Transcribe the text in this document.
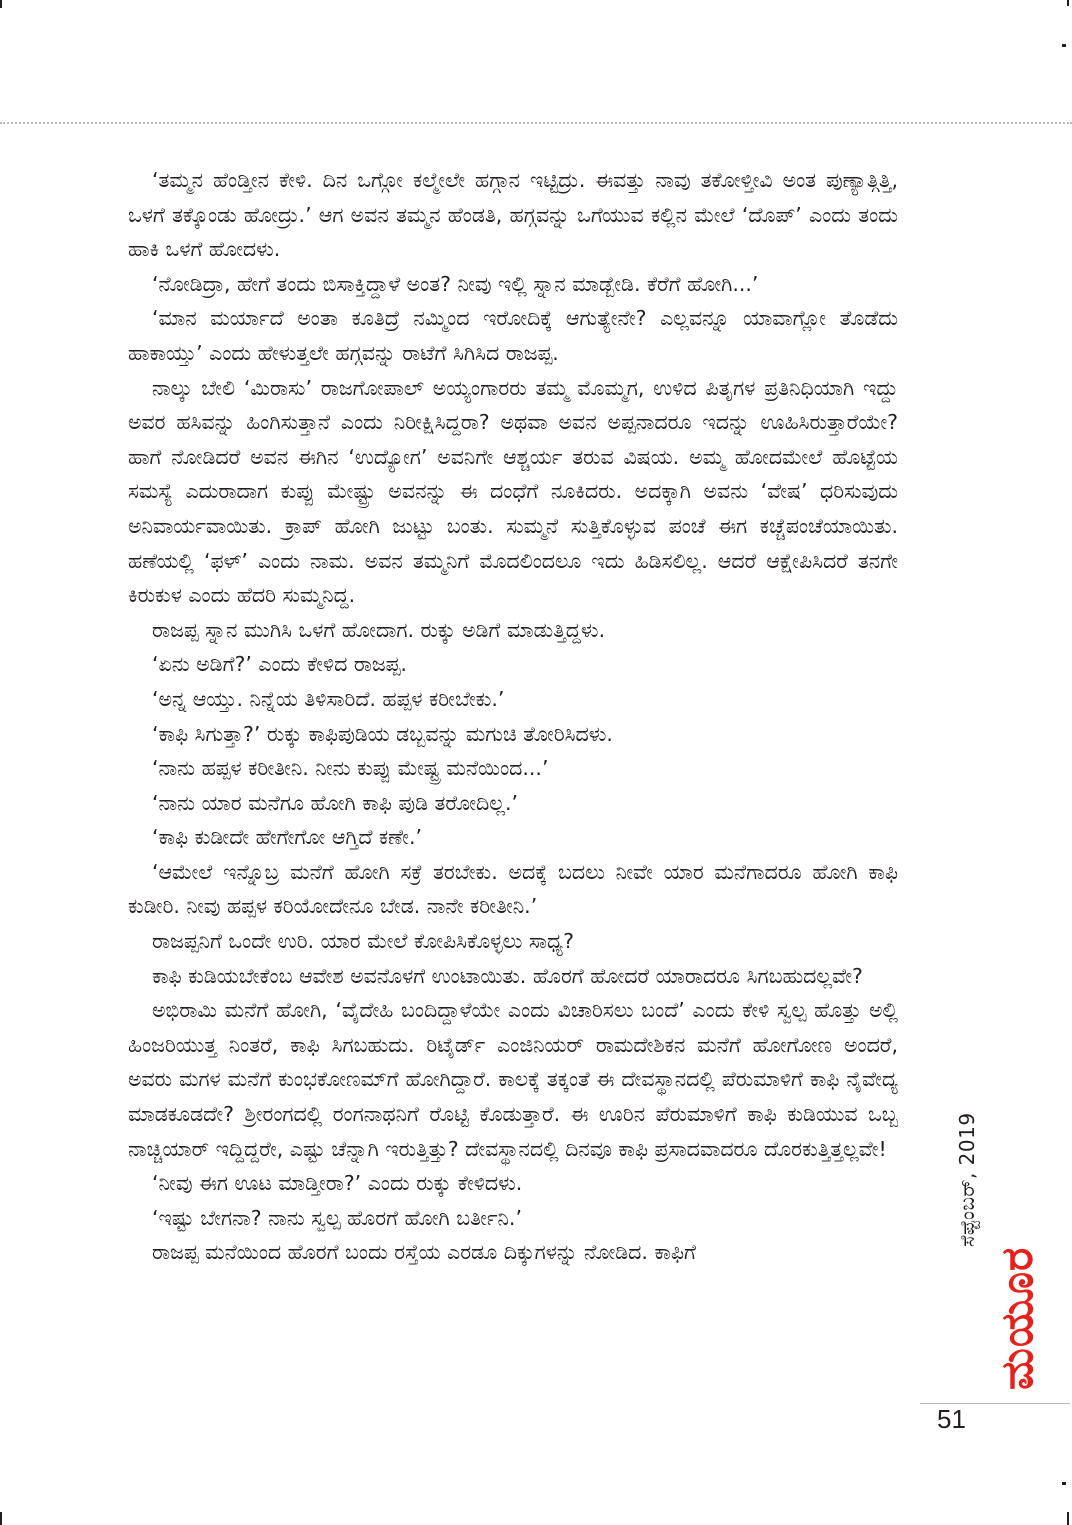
‘ತಮ್ಮನ ಹೆಂಡ್ತೀನ ಕೇಳಿ. ದಿನ ಒಗ್ಗೋ ಕಲ್ಮೇಲೇ ಹಗ್ಗಾನ ಇಟ್ಟಿದ್ರು. ಈವತ್ತು ನಾವು ತಕೋಳ್ತೀವಿ ಅಂತ ಪುಣ್ಯಾತ್ಗಿತ್ತಿ, ಒಳಗೆ ತಕ್ಕೊಂಡು ಹೋದ್ರು.’ ಆಗ ಅವನ ತಮ್ಮನ ಹೆಂಡತಿ, ಹಗ್ಗವನ್ನು ಒಗೆಯುವ ಕಲ್ಲಿನ ಮೇಲೆ ‘ದೊಪ್’ ಎಂದು ತಂದು ಹಾಕಿ ಒಳಗೆ ಹೋದಳು.

‘ನೋಡಿದ್ರಾ, ಹೇಗೆ ತಂದು ಬಿಸಾಕ್ತಿದ್ದಾಳೆ ಅಂತ? ನೀವು ಇಲ್ಲಿ ಸ್ನಾನ ಮಾಡ್ಬೇಡಿ. ಕೆರೆಗೆ ಹೋಗಿ...’

‘ಮಾನ ಮರ್ಯಾದೆ ಅಂತಾ ಕೂತಿದ್ರೆ ನಮ್ಮಿಂದ ಇರೋದಿಕ್ಕೆ ಆಗುತ್ಯೇನೇ? ಎಲ್ಲವನ್ನೂ ಯಾವಾಗ್ಲೋ ತೊಡೆದು ಹಾಕಾಯ್ತು’ ಎಂದು ಹೇಳುತ್ತಲೇ ಹಗ್ಗವನ್ನು ರಾಟೆಗೆ ಸಿಗಿಸಿದ ರಾಜಪ್ಪ.

ನಾಲ್ಕು ಬೇಲಿ ‘ಮಿರಾಸು’ ರಾಜಗೋಪಾಲ್ ಅಯ್ಯಂಗಾರರು ತಮ್ಮ ಮೊಮ್ಮಗ, ಉಳಿದ ಪಿತೃಗಳ ಪ್ರತಿನಿಧಿಯಾಗಿ ಇದ್ದು ಅವರ ಹಸಿವನ್ನು ಹಿಂಗಿಸುತ್ತಾನೆ ಎಂದು ನಿರೀಕ್ಷಿಸಿದ್ದರಾ? ಅಥವಾ ಅವನ ಅಪ್ಪನಾದರೂ ಇದನ್ನು ಊಹಿಸಿರುತ್ತಾರೆಯೇ? ಹಾಗೆ ನೋಡಿದರೆ ಅವನ ಈಗಿನ ‘ಉದ್ಯೋಗ’ ಅವನಿಗೇ ಆಶ್ಚರ್ಯ ತರುವ ವಿಷಯ. ಅಮ್ಮ ಹೋದಮೇಲೆ ಹೊಟ್ಟೆಯ ಸಮಸ್ಯೆ ಎದುರಾದಾಗ ಕುಪ್ಪು ಮೇಷ್ಟ್ರು ಅವನನ್ನು ಈ ದಂಧೆಗೆ ನೂಕಿದರು. ಅದಕ್ಕಾಗಿ ಅವನು ‘ವೇಷ’ ಧರಿಸುವುದು ಅನಿವಾರ್ಯವಾಯಿತು. ಕ್ರಾಪ್ ಹೋಗಿ ಜುಟ್ಟು ಬಂತು. ಸುಮ್ಮನೆ ಸುತ್ತಿಕೊಳ್ಳುವ ಪಂಚೆ ಈಗ ಕಚ್ಚೆಪಂಚೆಯಾಯಿತು. ಹಣೆಯಲ್ಲಿ ‘ಫಳ್’ ಎಂದು ನಾಮ. ಅವನ ತಮ್ಮನಿಗೆ ಮೊದಲಿಂದಲೂ ಇದು ಹಿಡಿಸಲಿಲ್ಲ. ಆದರೆ ಆಕ್ಷೇಪಿಸಿದರೆ ತನಗೇ ಕಿರುಕುಳ ಎಂದು ಹೆದರಿ ಸುಮ್ಮನಿದ್ದ.

ರಾಜಪ್ಪ ಸ್ನಾನ ಮುಗಿಸಿ ಒಳಗೆ ಹೋದಾಗ. ರುಕ್ಕು ಅಡಿಗೆ ಮಾಡುತ್ತಿದ್ದಳು.

‘ಏನು ಅಡಿಗೆ?’ ಎಂದು ಕೇಳಿದ ರಾಜಪ್ಪ.

‘ಅನ್ನ ಆಯ್ತು. ನಿನ್ನೆಯ ತಿಳಿಸಾರಿದೆ. ಹಪ್ಪಳ ಕರೀಬೇಕು.’

‘ಕಾಫಿ ಸಿಗುತ್ತಾ?’ ರುಕ್ಕು ಕಾಫಿಪುಡಿಯ ಡಬ್ಬವನ್ನು ಮಗುಚಿ ತೋರಿಸಿದಳು.

‘ನಾನು ಹಪ್ಪಳ ಕರೀತೀನಿ. ನೀನು ಕುಪ್ಪು ಮೇಷ್ಟ್ರ ಮನೆಯಿಂದ...’

‘ನಾನು ಯಾರ ಮನೆಗೂ ಹೋಗಿ ಕಾಫಿ ಪುಡಿ ತರೋದಿಲ್ಲ.’

‘ಕಾಫಿ ಕುಡೀದೇ ಹೇಗೇಗೋ ಆಗ್ತಿದೆ ಕಣೇ.’

‘ಆಮೇಲೆ ಇನ್ನೊಬ್ರ ಮನೆಗೆ ಹೋಗಿ ಸಕ್ರೆ ತರಬೇಕು. ಅದಕ್ಕೆ ಬದಲು ನೀವೇ ಯಾರ ಮನೆಗಾದರೂ ಹೋಗಿ ಕಾಫಿ ಕುಡೀರಿ. ನೀವು ಹಪ್ಪಳ ಕರಿಯೋದೇನೂ ಬೇಡ. ನಾನೇ ಕರೀತೀನಿ.’

ರಾಜಪ್ಪನಿಗೆ ಒಂದೇ ಉರಿ. ಯಾರ ಮೇಲೆ ಕೋಪಿಸಿಕೊಳ್ಳಲು ಸಾಧ್ಯ?

ಕಾಫಿ ಕುಡಿಯಬೇಕೆಂಬ ಆವೇಶ ಅವನೊಳಗೆ ಉಂಟಾಯಿತು. ಹೊರಗೆ ಹೋದರೆ ಯಾರಾದರೂ ಸಿಗಬಹುದಲ್ಲವೇ?

ಅಭಿರಾಮಿ ಮನೆಗೆ ಹೋಗಿ, ‘ವೈದೇಹಿ ಬಂದಿದ್ದಾಳೆಯೇ ಎಂದು ವಿಚಾರಿಸಲು ಬಂದೆ’ ಎಂದು ಕೇಳಿ ಸ್ವಲ್ಪ ಹೊತ್ತು ಅಲ್ಲಿ ಹಿಂಜರಿಯುತ್ತ ನಿಂತರೆ, ಕಾಫಿ ಸಿಗಬಹುದು. ರಿಟೈರ್ಡ್ ಎಂಜಿನಿಯರ್ ರಾಮದೇಶಿಕನ ಮನೆಗೆ ಹೋಗೋಣ ಅಂದರೆ, ಅವರು ಮಗಳ ಮನೆಗೆ ಕುಂಭಕೋಣಮ್‌ಗೆ ಹೋಗಿದ್ದಾರೆ. ಕಾಲಕ್ಕೆ ತಕ್ಕಂತೆ ಈ ದೇವಸ್ಥಾನದಲ್ಲಿ ಪೆರುಮಾಳಿಗೆ ಕಾಫಿ ನೈವೇದ್ಯ ಮಾಡಕೂಡದೇ? ಶ್ರೀರಂಗದಲ್ಲಿ ರಂಗನಾಥನಿಗೆ ರೊಟ್ಟಿ ಕೊಡುತ್ತಾರೆ. ಈ ಊರಿನ ಪೆರುಮಾಳಿಗೆ ಕಾಫಿ ಕುಡಿಯುವ ಒಬ್ಬ ನಾಚ್ಚಿಯಾರ್ ಇದ್ದಿದ್ದರೇ, ಎಷ್ಟು ಚೆನ್ನಾಗಿ ಇರುತ್ತಿತ್ತು? ದೇವಸ್ಥಾನದಲ್ಲಿ ದಿನವೂ ಕಾಫಿ ಪ್ರಸಾದವಾದರೂ ದೊರಕುತ್ತಿತ್ತಲ್ಲವೇ!

‘ನೀವು ಈಗ ಊಟ ಮಾಡ್ತೀರಾ?’ ಎಂದು ರುಕ್ಕು ಕೇಳಿದಳು.

‘ಇಷ್ಟು ಬೇಗನಾ? ನಾನು ಸ್ವಲ್ಪ ಹೊರಗೆ ಹೋಗಿ ಬರ್ತೀನಿ.’

ರಾಜಪ್ಪ ಮನೆಯಿಂದ ಹೊರಗೆ ಬಂದು ರಸ್ತೆಯ ಎರಡೂ ದಿಕ್ಕುಗಳನ್ನು ನೋಡಿದ. ಕಾಫಿಗೆ

ಸೆಪ್ಟೆಂಬರ್, 2019
ಮಯೂರ
51
